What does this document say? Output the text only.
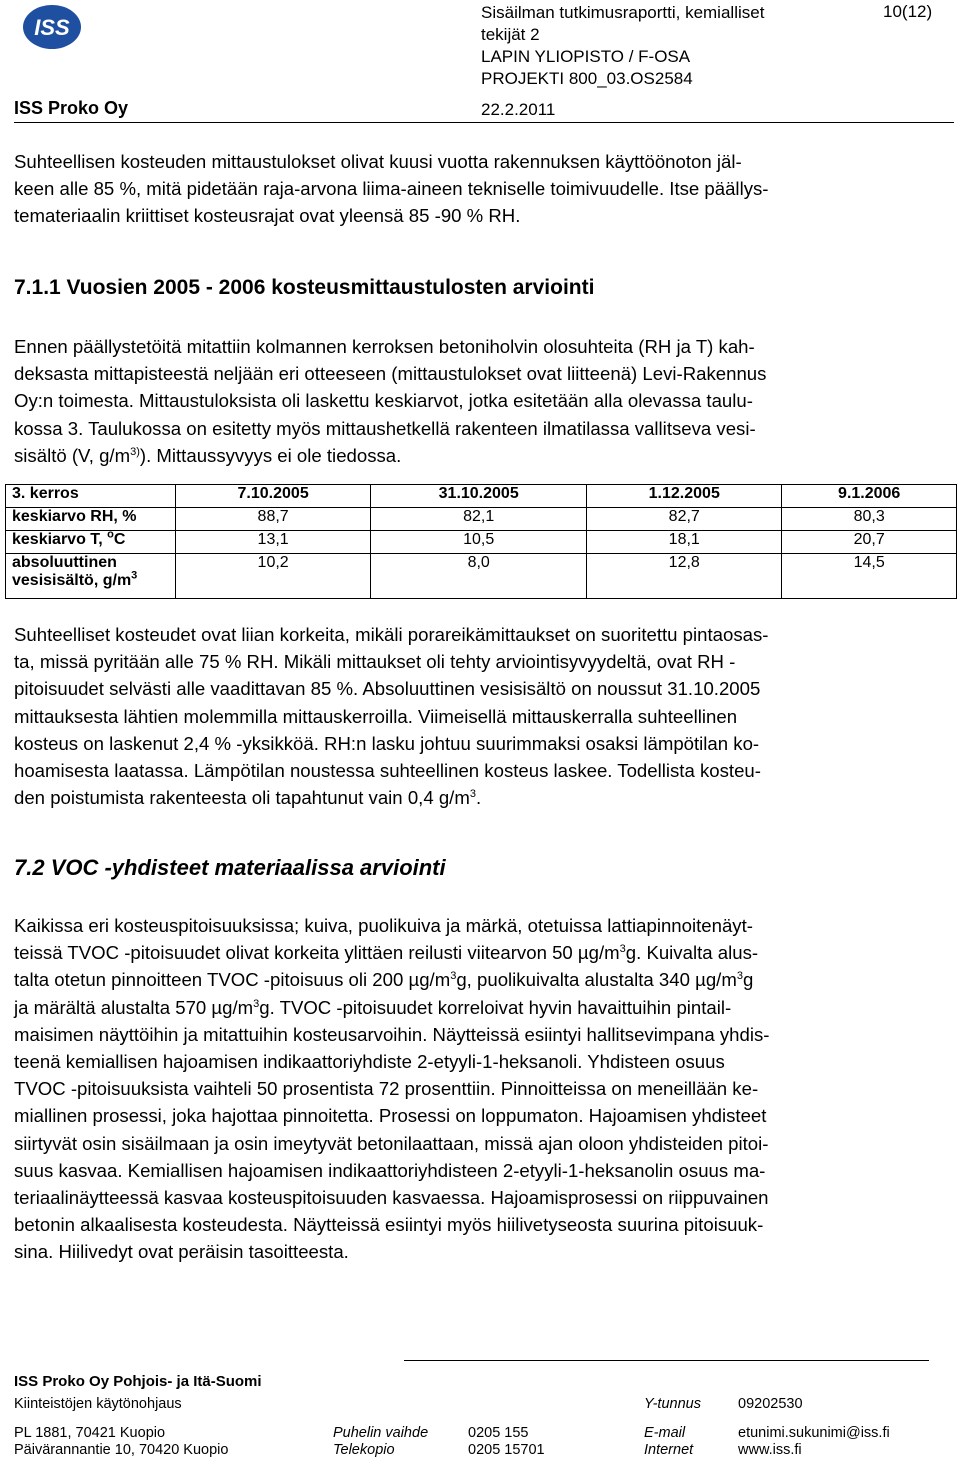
ISS
Sisäilman tutkimusraportti, kemialliset
tekijät 2
LAPIN YLIOPISTO / F-OSA
PROJEKTI 800_03.OS2584
10(12)
ISS Proko Oy	22.2.2011
Suhteellisen kosteuden mittaustulokset olivat kuusi vuotta rakennuksen käyttöönoton jäl-
keen alle 85 %, mitä pidetään raja-arvona liima-aineen tekniselle toimivuudelle. Itse päällys-
temateriaalin kriittiset kosteusrajat ovat yleensä 85 -90 % RH.
7.1.1 Vuosien 2005 - 2006 kosteusmittaustulosten arviointi
Ennen päällystetöitä mitattiin kolmannen kerroksen betoniholvin olosuhteita (RH ja T) kah-
deksasta mittapisteestä neljään eri otteeseen (mittaustulokset ovat liitteenä) Levi-Rakennus
Oy:n toimesta. Mittaustuloksista oli laskettu keskiarvot, jotka esitetään alla olevassa taulu-
kossa 3. Taulukossa on esitetty myös mittaushetkellä rakenteen ilmatilassa vallitseva vesi-
sisältö (V, $g/m^{3)}$). Mittaussyvyys ei ole tiedossa.
3. kerros	7.10.2005	31.10.2005	1.12.2005	9.1.2006
keskiarvo RH, %	88,7	82,1	82,7	80,3
keskiarvo T, $^o$C	13,1	10,5	18,1	20,7

absoluuttinen
vesisisältö, $g/m^3$	10,2	8,0	12,8	14,5
Suhteelliset kosteudet ovat liian korkeita, mikäli porareikämittaukset on suoritettu pintaosas-
ta, missä pyritään alle 75 % RH. Mikäli mittaukset oli tehty arviointisyvyydeltä, ovat RH -
pitoisuudet selvästi alle vaadittavan 85 %. Absoluuttinen vesisisältö on noussut 31.10.2005
mittauksesta lähtien molemmilla mittauskerroilla. Viimeisellä mittauskerralla suhteellinen
kosteus on laskenut 2,4 % -yksikköä. RH:n lasku johtuu suurimmaksi osaksi lämpötilan ko-
hoamisesta laatassa. Lämpötilan noustessa suhteellinen kosteus laskee. Todellista kosteu-
den poistumista rakenteesta oli tapahtunut vain 0,4 $g/m^3$.
7.2 VOC -yhdisteet materiaalissa arviointi
Kaikissa eri kosteuspitoisuuksissa; kuiva, puolikuiva ja märkä, otetuissa lattiapinnoitenäyt-
teissä TVOC -pitoisuudet olivat korkeita ylittäen reilusti viitearvon 50 $\mu g/m^3g$. Kuivalta alus-
talta otetun pinnoitteen TVOC -pitoisuus oli 200 $\mu g/m^3g$, puolikuivalta alustalta 340 $\mu g/m^3g$
ja märältä alustalta 570 $\mu g/m^3g$. TVOC -pitoisuudet korreloivat hyvin havaittuihin pintail-
maisimen näyttöihin ja mitattuihin kosteusarvoihin. Näytteissä esiintyi hallitsevimpana yhdis-
teenä kemiallisen hajoamisen indikaattoriyhdiste 2-etyyli-1-heksanoli. Yhdisteen osuus
TVOC -pitoisuuksista vaihteli 50 prosentista 72 prosenttiin. Pinnoitteissa on meneillään ke-
miallinen prosessi, joka hajottaa pinnoitetta. Prosessi on loppumaton. Hajoamisen yhdisteet
siirtyvät osin sisäilmaan ja osin imeytyvät betonilaattaan, missä ajan oloon yhdisteiden pitoi-
suus kasvaa. Kemiallisen hajoamisen indikaattoriyhdisteen 2-etyyli-1-heksanolin osuus ma-
teriaalinäytteessä kasvaa kosteuspitoisuuden kasvaessa. Hajoamisprosessi on riippuvainen
betonin alkaalisesta kosteudesta. Näytteissä esiintyi myös hiilivetyseosta suurina pitoisuuk-
sina. Hiilivedyt ovat peräisin tasoitteesta.
ISS Proko Oy Pohjois- ja Itä-Suomi
Kiinteistöjen käytönohjaus	Y-tunnus	09202530
PL 1881, 70421 Kuopio	Puhelin vaihde	0205 155	E-mail	etunimi.sukunimi@iss.fi
Päivärannantie 10, 70420 Kuopio	Telekopio	0205 15701	Internet	www.iss.fi
